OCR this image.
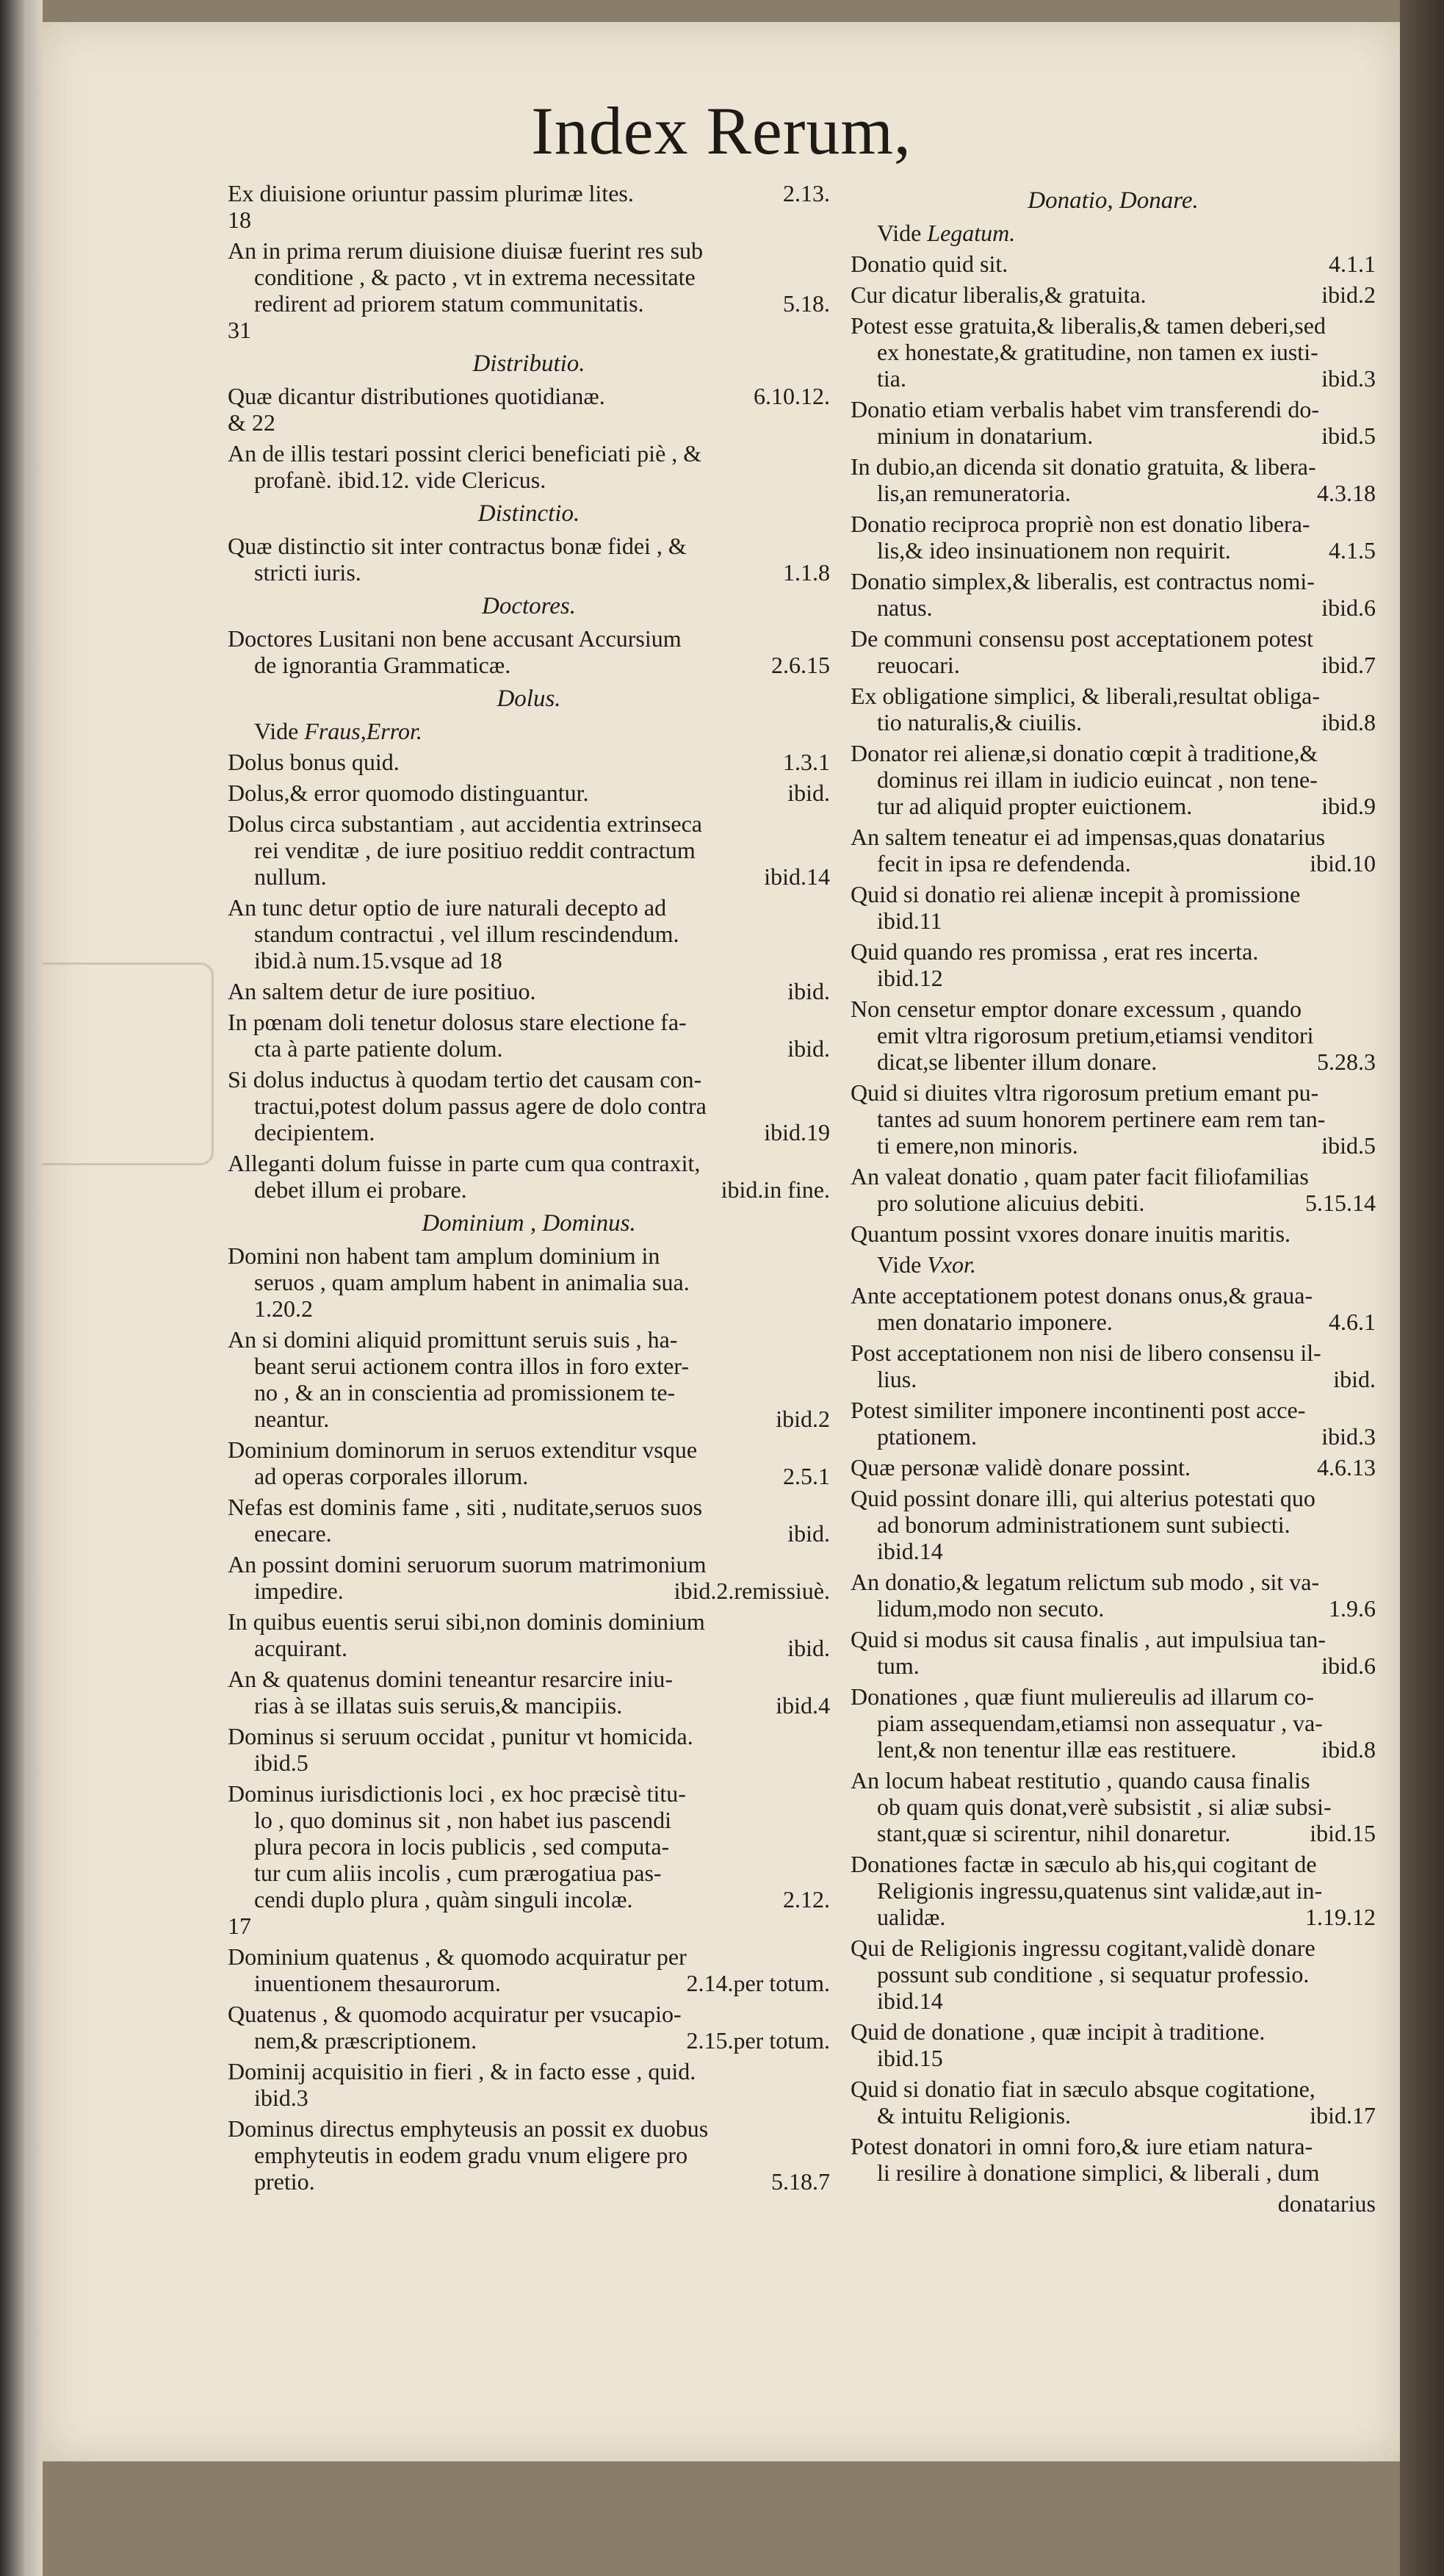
Index Rerum,
2.13.
Ex diuisione oriuntur passim plurimæ lites.
18
An in prima rerum diuisione diuisæ fuerint res sub
conditione , & pacto , vt in extrema necessitate
5.18.
redirent ad priorem statum communitatis.
31
Distributio.
6.10.12.
Quæ dicantur distributiones quotidianæ.
& 22
An de illis testari possint clerici beneficiati piè , &
profanè. ibid.12. vide Clericus.
Distinctio.
Quæ distinctio sit inter contractus bonæ fidei , &
1.1.8
stricti iuris.
Doctores.
Doctores Lusitani non bene accusant Accursium
2.6.15
de ignorantia Grammaticæ.
Dolus.
Vide Fraus,Error.
1.3.1
Dolus bonus quid.
ibid.
Dolus,& error quomodo distinguantur.
Dolus circa substantiam , aut accidentia extrinseca
rei venditæ , de iure positiuo reddit contractum
ibid.14
nullum.
An tunc detur optio de iure naturali decepto ad
standum contractui , vel illum rescindendum.
ibid.à num.15.vsque ad 18
ibid.
An saltem detur de iure positiuo.
In pœnam doli tenetur dolosus stare electione fa-
ibid.
cta à parte patiente dolum.
Si dolus inductus à quodam tertio det causam con-
tractui,potest dolum passus agere de dolo contra
ibid.19
decipientem.
Alleganti dolum fuisse in parte cum qua contraxit,
ibid.in fine.
debet illum ei probare.
Dominium , Dominus.
Domini non habent tam amplum dominium in
seruos , quam amplum habent in animalia sua.
1.20.2
An si domini aliquid promittunt seruis suis , ha-
beant serui actionem contra illos in foro exter-
no , & an in conscientia ad promissionem te-
ibid.2
neantur.
Dominium dominorum in seruos extenditur vsque
2.5.1
ad operas corporales illorum.
Nefas est dominis fame , siti , nuditate,seruos suos
ibid.
enecare.
An possint domini seruorum suorum matrimonium
ibid.2.remissiuè.
impedire.
In quibus euentis serui sibi,non dominis dominium
ibid.
acquirant.
An & quatenus domini teneantur resarcire iniu-
ibid.4
rias à se illatas suis seruis,& mancipiis.
Dominus si seruum occidat , punitur vt homicida.
ibid.5
Dominus iurisdictionis loci , ex hoc præcisè titu-
lo , quo dominus sit , non habet ius pascendi
plura pecora in locis publicis , sed computa-
tur cum aliis incolis , cum prærogatiua pas-
2.12.
cendi duplo plura , quàm singuli incolæ.
17
Dominium quatenus , & quomodo acquiratur per
2.14.per totum.
inuentionem thesaurorum.
Quatenus , & quomodo acquiratur per vsucapio-
2.15.per totum.
nem,& præscriptionem.
Dominij acquisitio in fieri , & in facto esse , quid.
ibid.3
Dominus directus emphyteusis an possit ex duobus
emphyteutis in eodem gradu vnum eligere pro
5.18.7
pretio.
Donatio, Donare.
Vide Legatum.
4.1.1
Donatio quid sit.
ibid.2
Cur dicatur liberalis,& gratuita.
Potest esse gratuita,& liberalis,& tamen deberi,sed
ex honestate,& gratitudine, non tamen ex iusti-
ibid.3
tia.
Donatio etiam verbalis habet vim transferendi do-
ibid.5
minium in donatarium.
In dubio,an dicenda sit donatio gratuita, & libera-
4.3.18
lis,an remuneratoria.
Donatio reciproca propriè non est donatio libera-
4.1.5
lis,& ideo insinuationem non requirit.
Donatio simplex,& liberalis, est contractus nomi-
ibid.6
natus.
De communi consensu post acceptationem potest
ibid.7
reuocari.
Ex obligatione simplici, & liberali,resultat obliga-
ibid.8
tio naturalis,& ciuilis.
Donator rei alienæ,si donatio cœpit à traditione,&
dominus rei illam in iudicio euincat , non tene-
ibid.9
tur ad aliquid propter euictionem.
An saltem teneatur ei ad impensas,quas donatarius
ibid.10
fecit in ipsa re defendenda.
Quid si donatio rei alienæ incepit à promissione
ibid.11
Quid quando res promissa , erat res incerta.
ibid.12
Non censetur emptor donare excessum , quando
emit vltra rigorosum pretium,etiamsi venditori
5.28.3
dicat,se libenter illum donare.
Quid si diuites vltra rigorosum pretium emant pu-
tantes ad suum honorem pertinere eam rem tan-
ibid.5
ti emere,non minoris.
An valeat donatio , quam pater facit filiofamilias
5.15.14
pro solutione alicuius debiti.
Quantum possint vxores donare inuitis maritis.
Vide Vxor.
Ante acceptationem potest donans onus,& graua-
4.6.1
men donatario imponere.
Post acceptationem non nisi de libero consensu il-
ibid.
lius.
Potest similiter imponere incontinenti post acce-
ibid.3
ptationem.
4.6.13
Quæ personæ validè donare possint.
Quid possint donare illi, qui alterius potestati quo
ad bonorum administrationem sunt subiecti.
ibid.14
An donatio,& legatum relictum sub modo , sit va-
1.9.6
lidum,modo non secuto.
Quid si modus sit causa finalis , aut impulsiua tan-
ibid.6
tum.
Donationes , quæ fiunt muliereulis ad illarum co-
piam assequendam,etiamsi non assequatur , va-
ibid.8
lent,& non tenentur illæ eas restituere.
An locum habeat restitutio , quando causa finalis
ob quam quis donat,verè subsistit , si aliæ subsi-
ibid.15
stant,quæ si scirentur, nihil donaretur.
Donationes factæ in sæculo ab his,qui cogitant de
Religionis ingressu,quatenus sint validæ,aut in-
1.19.12
ualidæ.
Qui de Religionis ingressu cogitant,validè donare
possunt sub conditione , si sequatur professio.
ibid.14
Quid de donatione , quæ incipit à traditione.
ibid.15
Quid si donatio fiat in sæculo absque cogitatione,
ibid.17
& intuitu Religionis.
Potest donatori in omni foro,& iure etiam natura-
li resilire à donatione simplici, & liberali , dum
donatarius
